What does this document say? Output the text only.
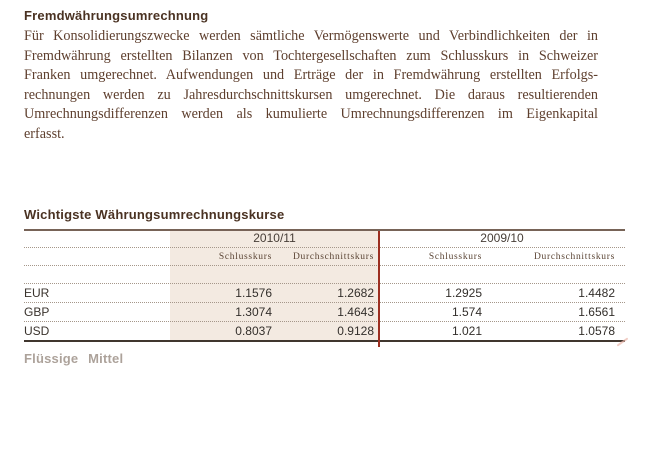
Fremdwährungsumrechnung
Für Konsolidierungszwecke werden sämtliche Vermögenswerte und Verbindlichkeiten der in
Fremdwährung erstellten Bilanzen von Tochtergesellschaften zum Schlusskurs in Schweizer
Franken umgerechnet. Aufwendungen und Erträge der in Fremdwährung erstellten Erfolgs-
rechnungen werden zu Jahresdurchschnittskursen umgerechnet. Die daraus resultierenden
Umrechnungsdifferenzen werden als kumulierte Umrechnungsdifferenzen im Eigenkapital
erfasst.
Wichtigste Währungsumrechnungskurse
2010/11	2009/10
Schlusskurs	Durchschnittskurs	Schlusskurs	Durchschnittskurs
EUR	1.1576	1.2682	1.2925	1.4482
GBP	1.3074	1.4643	1.574	1.6561
USD	0.8037	0.9128	1.021	1.0578
Flüssige Mittel
